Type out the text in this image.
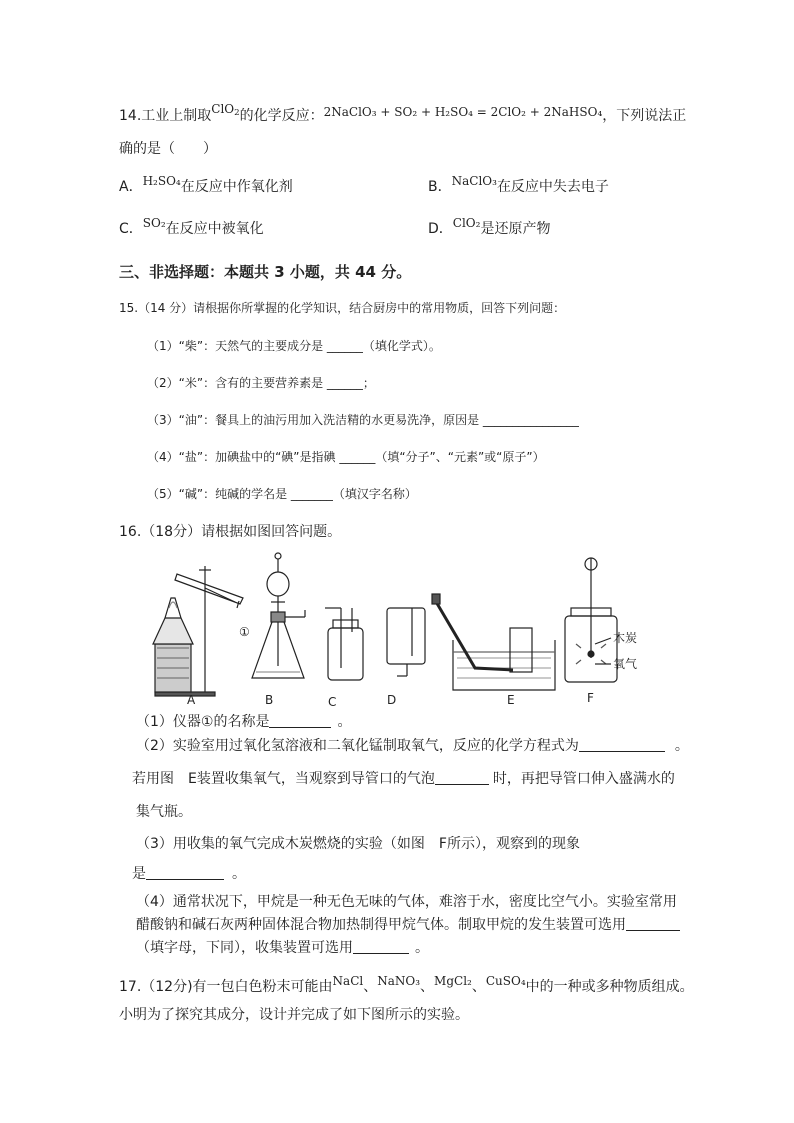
14.工业上制取ClO$_2$的化学反应：2NaClO₃ + SO₂ + H₂SO₄ = 2ClO₂ + 2NaHSO₄，下列说法正
确的是（　　）
A．H₂SO₄在反应中作氧化剂	B．NaClO₃在反应中失去电子
C．SO₂在反应中被氧化	D．ClO₂是还原产物
三、非选择题：本题共 3 小题，共 44 分。
15.（14 分）请根据你所掌握的化学知识，结合厨房中的常用物质，回答下列问题：
（1）“柴”：天然气的主要成分是 ______（填化学式）。
（2）“米”：含有的主要营养素是 ______；
（3）“油”：餐具上的油污用加入洗洁精的水更易洗净，原因是 ________________
（4）“盐”：加碘盐中的“碘”是指碘 ______（填“分子”、“元素”或“原子”）
（5）“碱”：纯碱的学名是 _______（填汉字名称）
16.（18分）请根据如图回答问题。
①	木炭
氧气
A	B	C	D	E	F
（1）仪器①的名称是	。
（2）实验室用过氧化氢溶液和二氧化锰制取氧气，反应的化学方程式为	。
若用图　E装置收集氧气，当观察到导管口的气泡	时，再把导管口伸入盛满水的
集气瓶。
（3）用收集的氧气完成木炭燃烧的实验（如图　F所示），观察到的现象
是	。
（4）通常状况下，甲烷是一种无色无味的气体，难溶于水，密度比空气小。实验室常用
醋酸钠和碱石灰两种固体混合物加热制得甲烷气体。制取甲烷的发生装置可选用
（填字母，下同），收集装置可选用	。
17.（12分)有一包白色粉末可能由NaCl、NaNO₃、MgCl₂、CuSO₄中的一种或多种物质组成。
小明为了探究其成分，设计并完成了如下图所示的实验。
